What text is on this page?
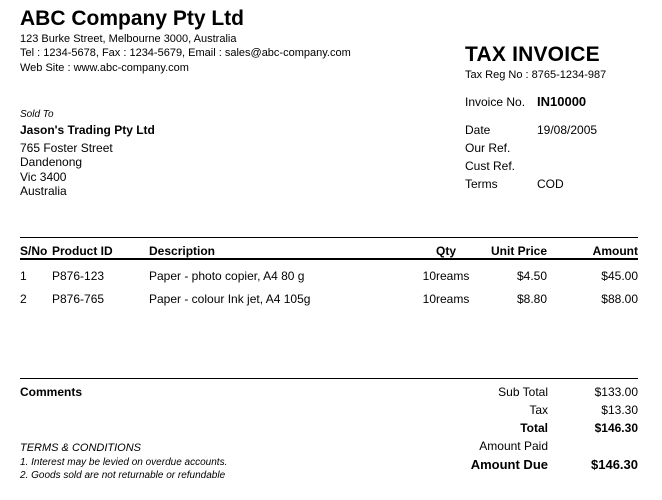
ABC Company Pty Ltd
123 Burke Street, Melbourne 3000, Australia
Tel : 1234-5678, Fax : 1234-5679, Email : sales@abc-company.com
Web Site : www.abc-company.com
TAX INVOICE
Tax Reg No : 8765-1234-987
Invoice No. IN10000
Date	19/08/2005
Our Ref.
Cust Ref.
Terms	COD
Sold To
Jason's Trading Pty Ltd
765 Foster Street
Dandenong
Vic 3400
Australia
S/No Product ID	Description	Qty	Unit Price	Amount
1 P876-123	Paper - photo copier, A4 80 g	10 reams	$4.50	$45.00
2 P876-765	Paper - colour Ink jet, A4 105g	10 reams	$8.80	$88.00
Comments
TERMS & CONDITIONS
1. Interest may be levied on overdue accounts.
2. Goods sold are not returnable or refundable
Sub Total	$133.00
Tax	$13.30
Total	$146.30
Amount Paid
Amount Due	$146.30
